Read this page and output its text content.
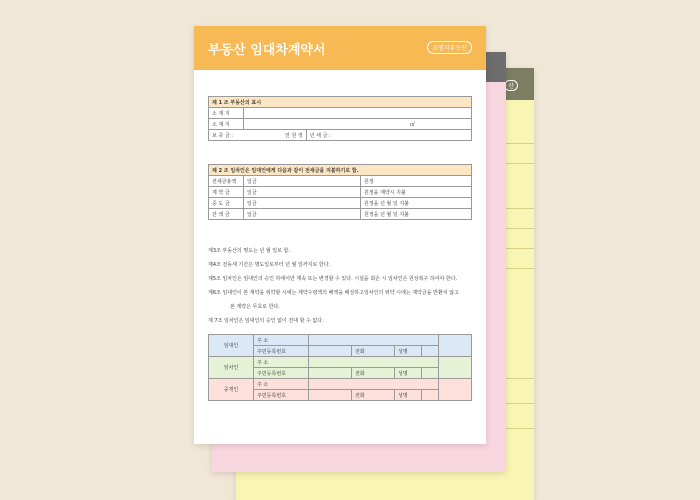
산
부동산 임대차계약서	요엠지부동산
제 1 조 부동산의 표시		
소 재 지		
소 재 지	㎡	
보 증 금 : 만 원 정		년 세 금 :
제 2 조 임차인은 임대인에게 다음과 같이 전세금을 지불하기로 함.		
전세금총액	일금	원정
계 약 금	일금	원정을 계약시 지불
중 도 금	일금	원정을 년 월 일 지불
잔 액 금	일금	원정을 년 월 일 지불
제3조 부동산의 명도는 년 월 일로 함.
제4조 전동세 기간은 명도일로부터 년 월 일까지로 한다.
제5조 임차인은 임대인의 승인 하에서만 계속 또는 변경할 수 있다. 시설을 회손 시 임차인은 원상복구 하여야 한다.
제6조 임대인이 본 계약을 위약할 시에는 계약수령액의 배액을 배상하고임차인의 위약 시에는 계약금을 반환치 않고
본 계약은 무효로 한다.
제 7조 임차인은 임대인의 승인 없이 전대 할 수 없다.
임대인	주 소					
	주민등록번호		전화	성명		
임차인	주 소					
	주민등록번호		전화	성명		
중개인	주 소					
	주민등록번호		전화	성명		
